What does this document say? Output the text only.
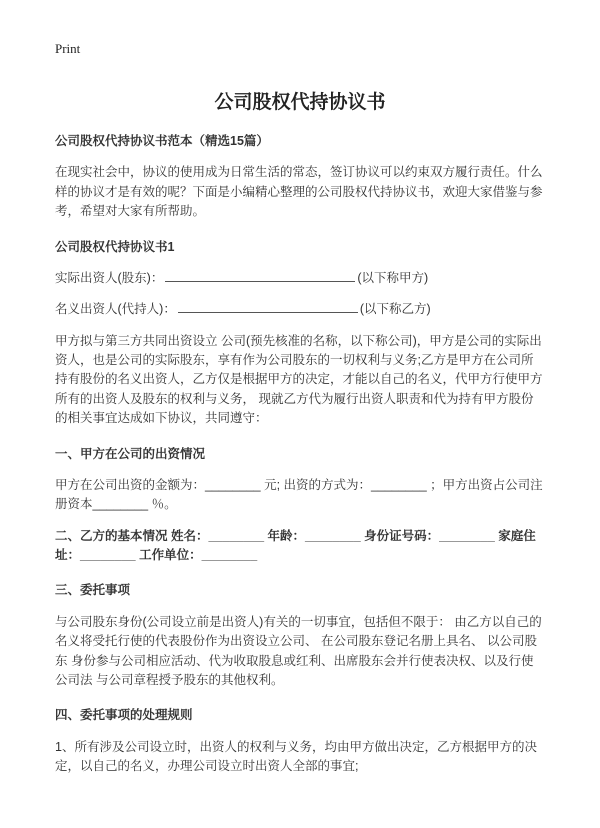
Print
公司股权代持协议书

公司股权代持协议书范本（精选15篇）

在现实社会中，协议的使用成为日常生活的常态，签订协议可以约束双方履行责任。什么样的协议才是有效的呢？下面是小编精心整理的公司股权代持协议书，欢迎大家借鉴与参考，希望对大家有所帮助。

公司股权代持协议书1

实际出资人(股东)：	(以下称甲方)

名义出资人(代持人)：	(以下称乙方)

甲方拟与第三方共同出资设立 公司(预先核准的名称，以下称公司)，甲方是公司的实际出资人，也是公司的实际股东，享有作为公司股东的一切权利与义务;乙方是甲方在公司所持有股份的名义出资人，乙方仅是根据甲方的决定，才能以自己的名义，代甲方行使甲方所有的出资人及股东的权利与义务， 现就乙方代为履行出资人职责和代为持有甲方股份的相关事宜达成如下协议，共同遵守：

一、甲方在公司的出资情况

甲方在公司出资的金额为：________ 元; 出资的方式为：________ ；甲方出资占公司注册资本________ ％。

二、乙方的基本情况 姓名：________ 年龄：________ 身份证号码：________ 家庭住址：________ 工作单位：________

三、委托事项

与公司股东身份(公司设立前是出资人)有关的一切事宜，包括但不限于： 由乙方以自己的名义将受托行使的代表股份作为出资设立公司、 在公司股东登记名册上具名、 以公司股东 身份参与公司相应活动、代为收取股息或红利、出席股东会并行使表决权、以及行使公司法 与公司章程授予股东的其他权利。

四、委托事项的处理规则

1、所有涉及公司设立时，出资人的权利与义务，均由甲方做出决定，乙方根据甲方的决定，以自己的名义，办理公司设立时出资人全部的事宜;
